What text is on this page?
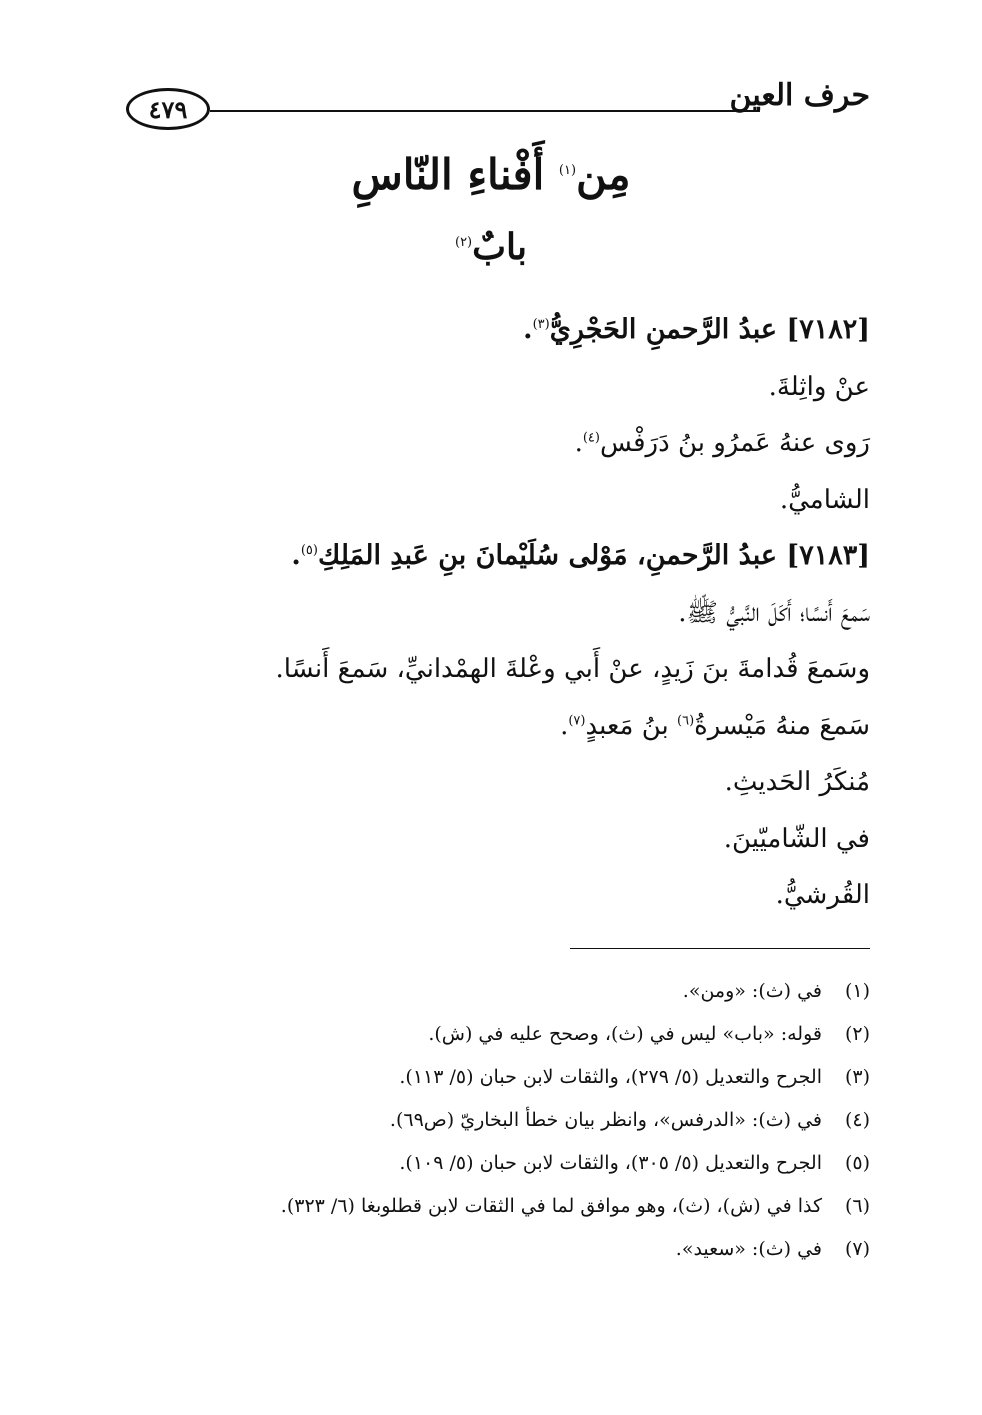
حرف العين
٤٧٩
مِن$^{(١)}$ أَفْناءِ النّاسِ
بابٌ$^{(٢)}$
[٧١٨٢] عبدُ الرَّحمنِ الحَجْرِيُّ$^{(٣)}$.
عنْ واثِلةَ.
رَوى عنهُ عَمرُو بنُ دَرَفْس$^{(٤)}$.
الشاميُّ.
[٧١٨٣] عبدُ الرَّحمنِ، مَوْلى سُلَيْمانَ بنِ عَبدِ المَلِكِ$^{(٥)}$.
سَمعَ أَنسًا؛ أَكَلَ النَّبيُّ ﷺ.
وسَمعَ قُدامةَ بنَ زَيدٍ، عنْ أَبي وعْلةَ الهمْدانيِّ، سَمعَ أَنسًا.
سَمعَ منهُ مَيْسرةُ$^{(٦)}$ بنُ مَعبدٍ$^{(٧)}$.
مُنكَرُ الحَديثِ.
في الشّاميّينَ.
القُرشيُّ.
(١)في (ث): «ومن».
(٢)قوله: «باب» ليس في (ث)، وصحح عليه في (ش).
(٣)الجرح والتعديل (٥/ ٢٧٩)، والثقات لابن حبان (٥/ ١١٣).
(٤)في (ث): «الدرفس»، وانظر بيان خطأ البخاريّ (ص٦٩).
(٥)الجرح والتعديل (٥/ ٣٠٥)، والثقات لابن حبان (٥/ ١٠٩).
(٦)كذا في (ش)، (ث)، وهو موافق لما في الثقات لابن قطلوبغا (٦/ ٣٢٣).
(٧)في (ث): «سعيد».
